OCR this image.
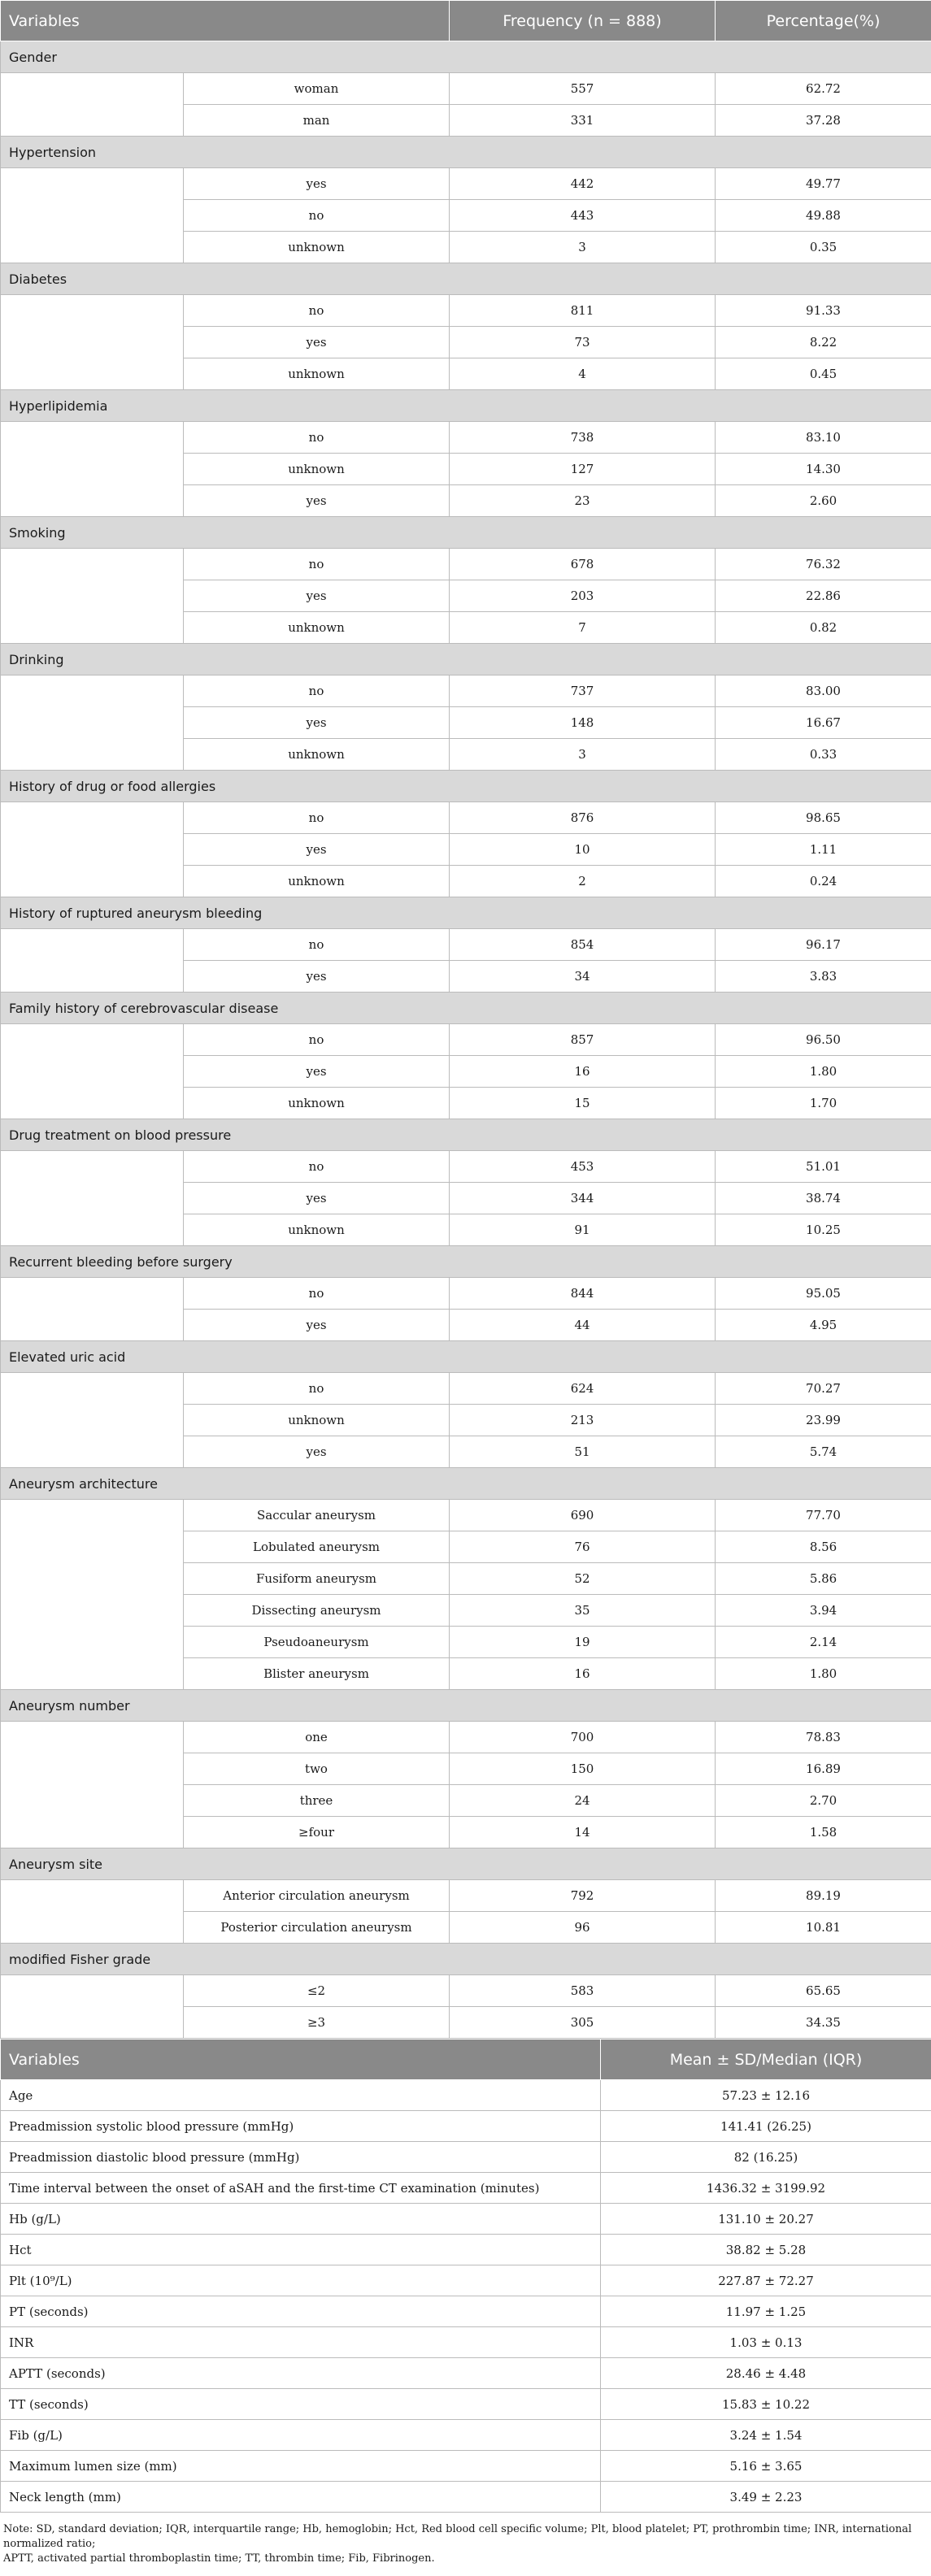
Variables		Frequency (n = 888)	Percentage(%)
Gender			
	woman	557	62.72
	man	331	37.28
Hypertension			
	yes	442	49.77
	no	443	49.88
	unknown	3	0.35
Diabetes			
	no	811	91.33
	yes	73	8.22
	unknown	4	0.45
Hyperlipidemia			
	no	738	83.10
	unknown	127	14.30
	yes	23	2.60
Smoking			
	no	678	76.32
	yes	203	22.86
	unknown	7	0.82
Drinking			
	no	737	83.00
	yes	148	16.67
	unknown	3	0.33
History of drug or food allergies			
	no	876	98.65
	yes	10	1.11
	unknown	2	0.24
History of ruptured aneurysm bleeding			
	no	854	96.17
	yes	34	3.83
Family history of cerebrovascular disease			
	no	857	96.50
	yes	16	1.80
	unknown	15	1.70
Drug treatment on blood pressure			
	no	453	51.01
	yes	344	38.74
	unknown	91	10.25
Recurrent bleeding before surgery			
	no	844	95.05
	yes	44	4.95
Elevated uric acid			
	no	624	70.27
	unknown	213	23.99
	yes	51	5.74
Aneurysm architecture			
	Saccular aneurysm	690	77.70
	Lobulated aneurysm	76	8.56
	Fusiform aneurysm	52	5.86
	Dissecting aneurysm	35	3.94
	Pseudoaneurysm	19	2.14
	Blister aneurysm	16	1.80
Aneurysm number			
	one	700	78.83
	two	150	16.89
	three	24	2.70
	≥four	14	1.58
Aneurysm site			
	Anterior circulation aneurysm	792	89.19
	Posterior circulation aneurysm	96	10.81
modified Fisher grade			
	≤2	583	65.65
	≥3	305	34.35
Variables	Mean ± SD/Median (IQR)
Age	57.23 ± 12.16
Preadmission systolic blood pressure (mmHg)	141.41 (26.25)
Preadmission diastolic blood pressure (mmHg)	82 (16.25)
Time interval between the onset of aSAH and the first-time CT examination (minutes)	1436.32 ± 3199.92
Hb (g/L)	131.10 ± 20.27
Hct	38.82 ± 5.28
Plt (10⁹/L)	227.87 ± 72.27
PT (seconds)	11.97 ± 1.25
INR	1.03 ± 0.13
APTT (seconds)	28.46 ± 4.48
TT (seconds)	15.83 ± 10.22
Fib (g/L)	3.24 ± 1.54
Maximum lumen size (mm)	5.16 ± 3.65
Neck length (mm)	3.49 ± 2.23
Note: SD, standard deviation; IQR, interquartile range; Hb, hemoglobin; Hct, Red blood cell specific volume; Plt, blood platelet; PT, prothrombin time; INR, international normalized ratio;
APTT, activated partial thromboplastin time; TT, thrombin time; Fib, Fibrinogen.
